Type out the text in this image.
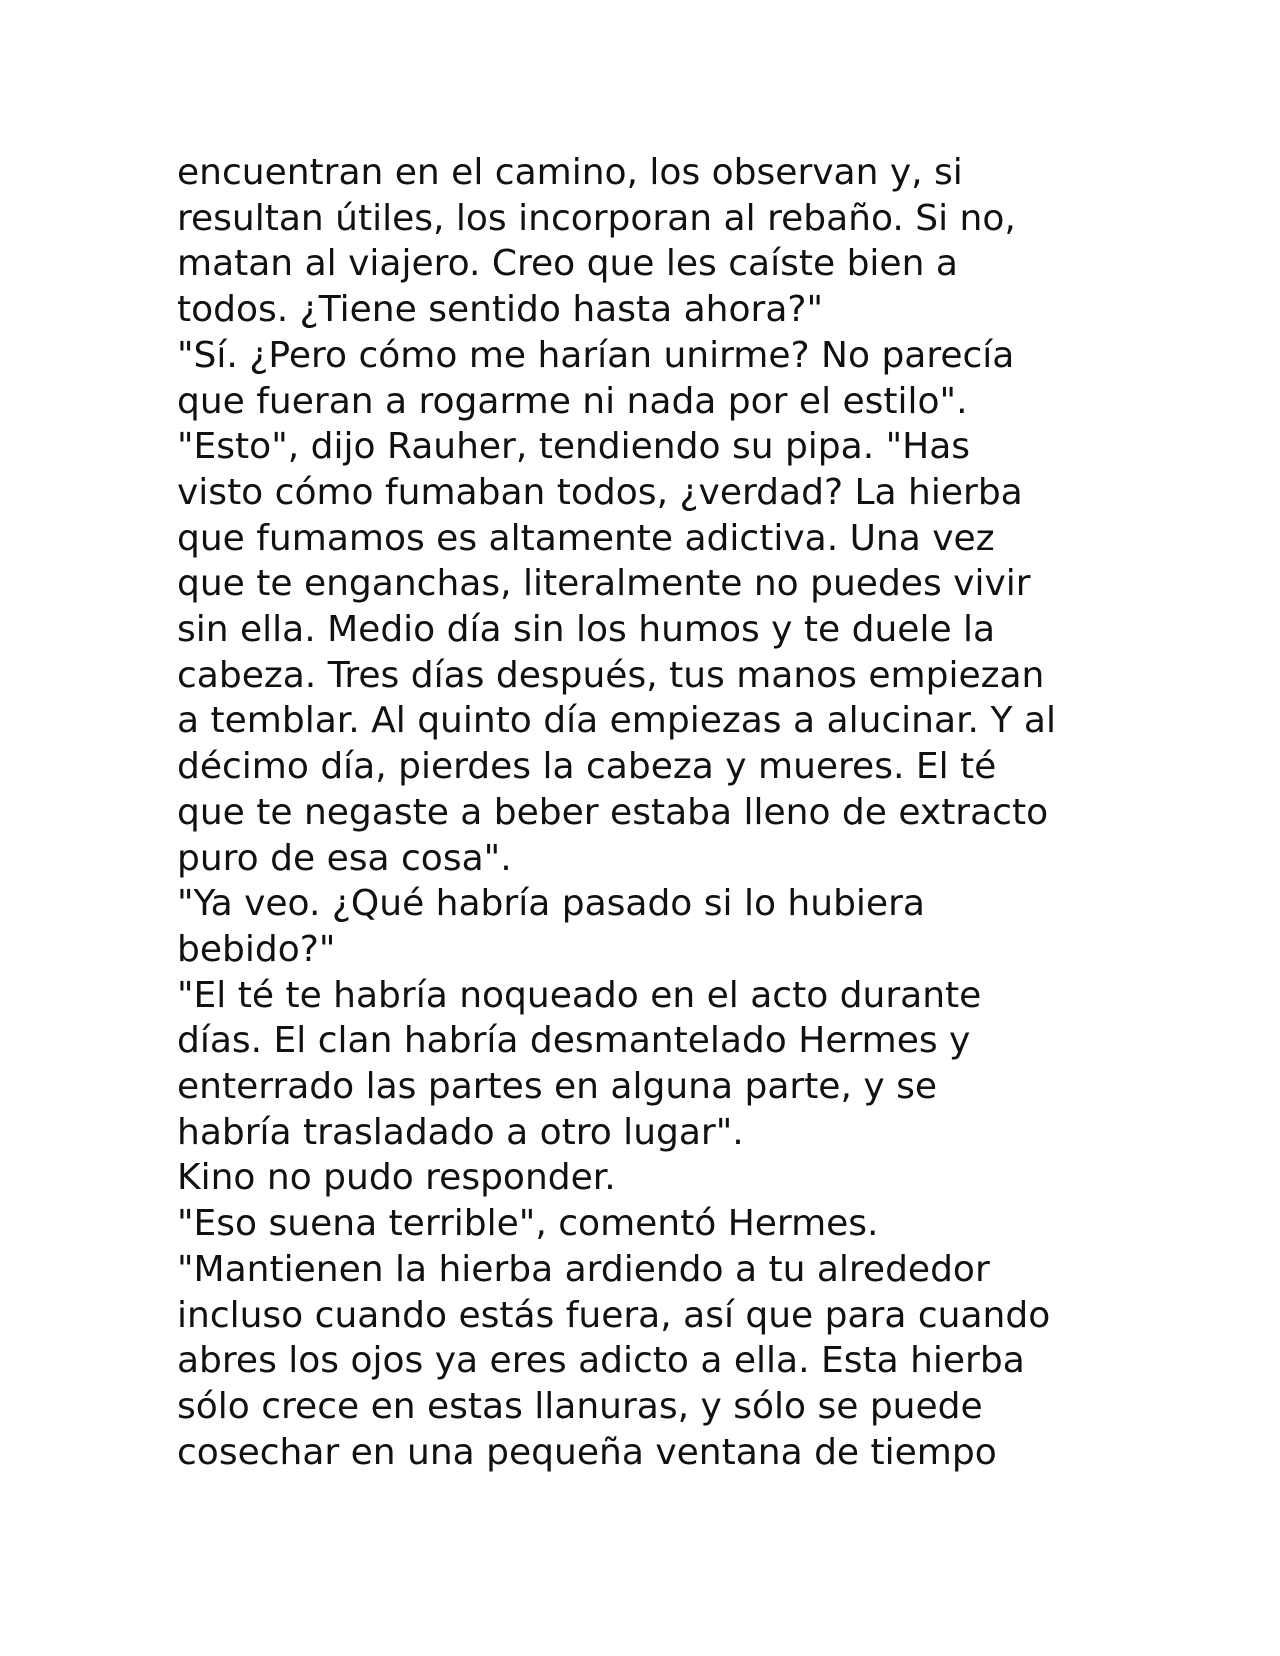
encuentran en el camino, los observan y, si
resultan útiles, los incorporan al rebaño. Si no,
matan al viajero. Creo que les caíste bien a
todos. ¿Tiene sentido hasta ahora?"
"Sí. ¿Pero cómo me harían unirme? No parecía
que fueran a rogarme ni nada por el estilo".
"Esto", dijo Rauher, tendiendo su pipa. "Has
visto cómo fumaban todos, ¿verdad? La hierba
que fumamos es altamente adictiva. Una vez
que te enganchas, literalmente no puedes vivir
sin ella. Medio día sin los humos y te duele la
cabeza. Tres días después, tus manos empiezan
a temblar. Al quinto día empiezas a alucinar. Y al
décimo día, pierdes la cabeza y mueres. El té
que te negaste a beber estaba lleno de extracto
puro de esa cosa".
"Ya veo. ¿Qué habría pasado si lo hubiera
bebido?"
"El té te habría noqueado en el acto durante
días. El clan habría desmantelado Hermes y
enterrado las partes en alguna parte, y se
habría trasladado a otro lugar".
Kino no pudo responder.
"Eso suena terrible", comentó Hermes.
"Mantienen la hierba ardiendo a tu alrededor
incluso cuando estás fuera, así que para cuando
abres los ojos ya eres adicto a ella. Esta hierba
sólo crece en estas llanuras, y sólo se puede
cosechar en una pequeña ventana de tiempo
